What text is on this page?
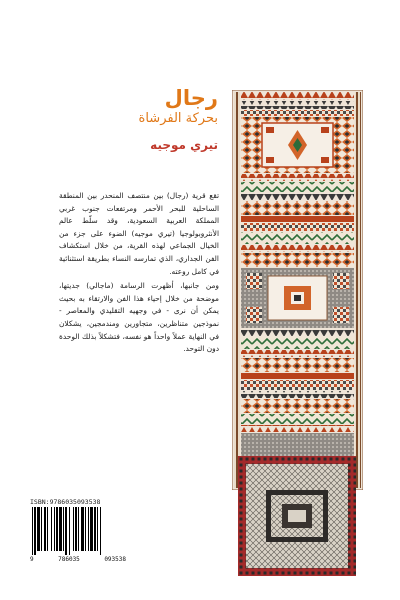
رجال
بحركة الفرشاة
تيري موجيه

تقع قرية (رجال) بين منتصف المنحدر بين المنطقة الساحلية للبحر الأحمر ومرتفعات جنوب غربي المملكة العربية السعودية، وقد سلّط عالم الأنثروبولوجيا (تيري موجيه) الضوء على جزء من الخيال الجماعي لهذه القرية، من خلال استكشاف الفن الجداري، الذي تمارسه النساء بطريقة استثنائية في كامل روعته.

ومن جانبها، أظهرت الرسامة (ماجالي) جديتها، موضحة من خلال إحياء هذا الفن والارتقاء به بحيث يمكن أن نرى - في وجهيه التقليدي والمعاصر - نموذجين متناظرين، متجاورين ومندمجين، يشكلان في النهاية عملاً واحداً هو نفسه، فتشكلاً بذلك الوحدة دون التوحد.

ISBN:9786035093538
9	786035	093538
